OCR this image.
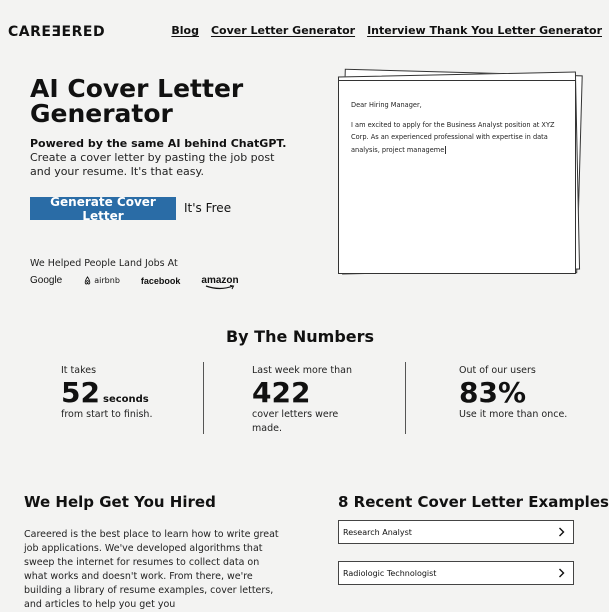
CAREEERED	Blog Cover Letter Generator Interview Thank You Letter Generator
AI Cover Letter Generator

Powered by the same AI behind ChatGPT. Create a cover letter by pasting the job post and your resume. It's that easy.

Generate Cover Letter
It's Free
We Helped People Land Jobs At
Google	airbnb facebook amazon

Dear Hiring Manager,

I am excited to apply for the Business Analyst position at XYZ Corp. As an experienced professional with expertise in data analysis, project manageme

By The Numbers
It takes
52 seconds
from start to finish.
Last week more than
422
cover letters were made.
Out of our users
83%
Use it more than once.
We Help Get You Hired

Careered is the best place to learn how to write great job applications. We've developed algorithms that sweep the internet for resumes to collect data on what works and doesn't work. From there, we're building a library of resume examples, cover letters, and articles to help you get you

8 Recent Cover Letter Examples
Research Analyst
Radiologic Technologist
